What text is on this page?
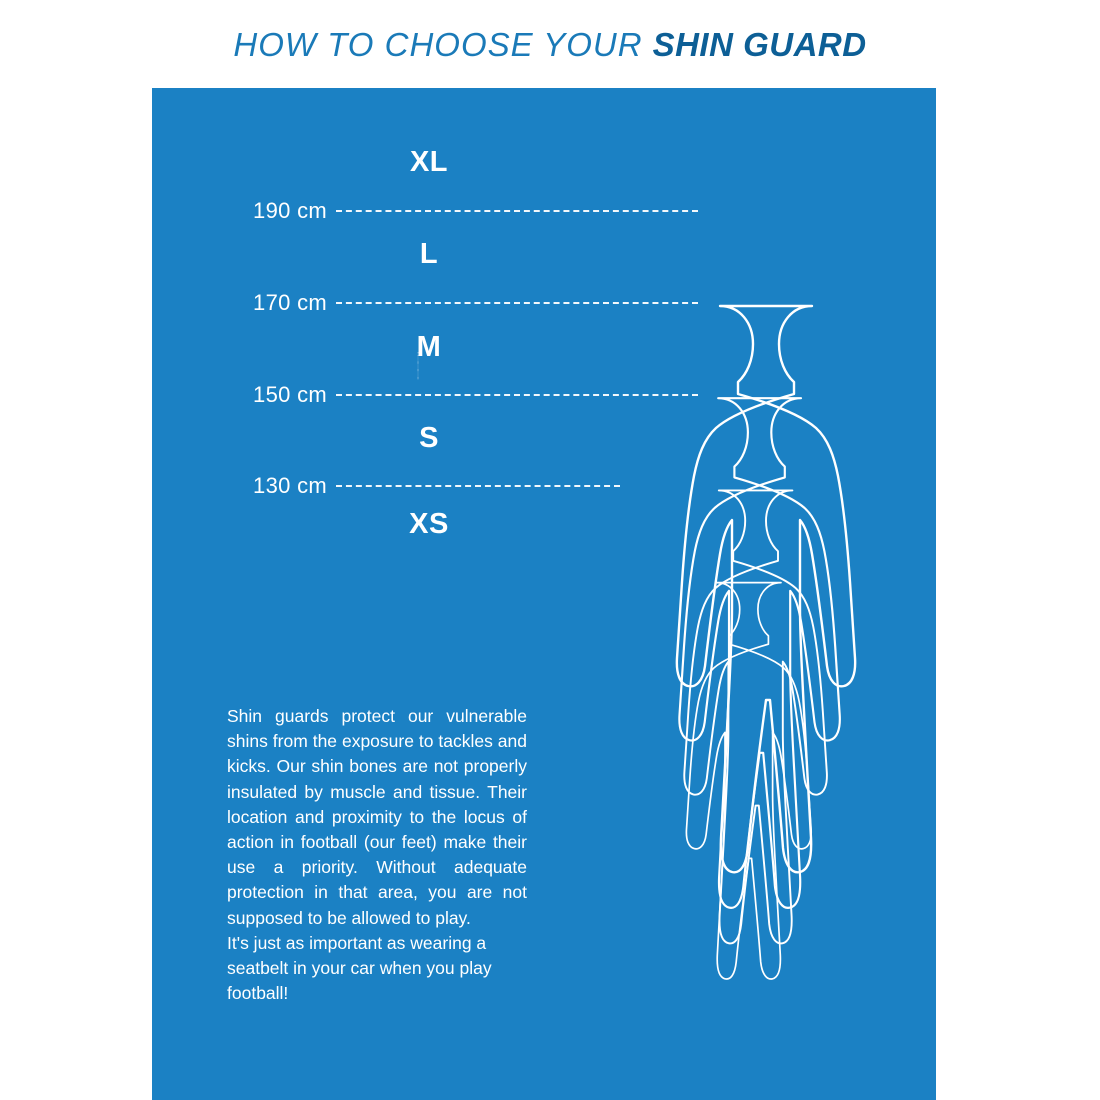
HOW TO CHOOSE YOUR SHIN GUARD
XL
L
M
S
XS
190 cm
170 cm
150 cm
130 cm

Shin guards protect our vulnerable shins from the exposure to tackles and kicks. Our shin bones are not properly insulated by muscle and tissue. Their location and proximity to the locus of action in football (our feet) make their use a priority. Without adequate protection in that area, you are not supposed to be allowed to play.

It's just as important as wearing a seatbelt in your car when you play football!
